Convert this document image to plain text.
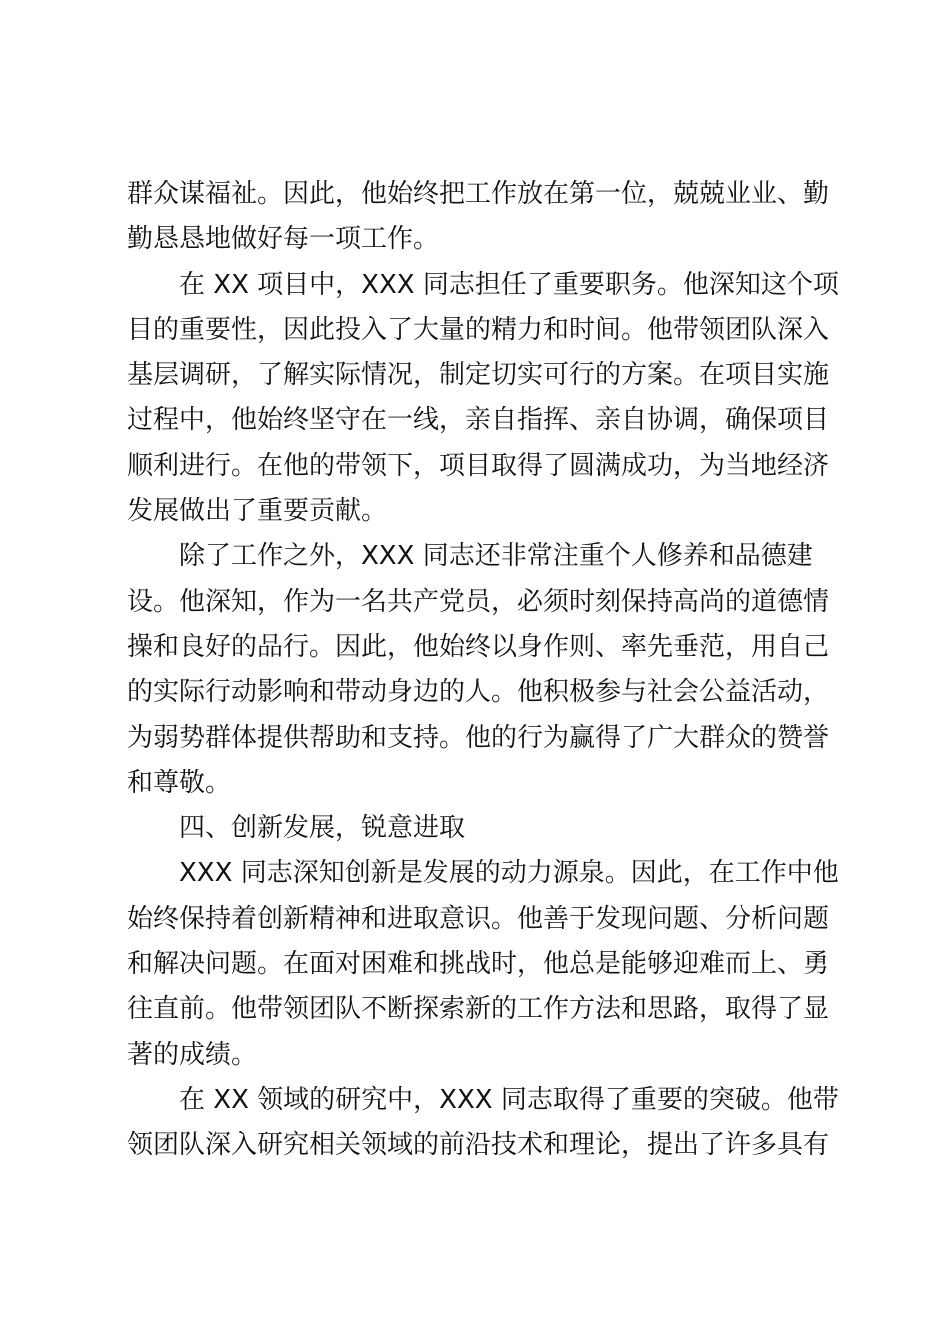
群众谋福祉。因此，他始终把工作放在第一位，兢兢业业、勤
勤恳恳地做好每一项工作。
在 XX 项目中，XXX 同志担任了重要职务。他深知这个项
目的重要性，因此投入了大量的精力和时间。他带领团队深入
基层调研，了解实际情况，制定切实可行的方案。在项目实施
过程中，他始终坚守在一线，亲自指挥、亲自协调，确保项目
顺利进行。在他的带领下，项目取得了圆满成功，为当地经济
发展做出了重要贡献。
除了工作之外，XXX 同志还非常注重个人修养和品德建
设。他深知，作为一名共产党员，必须时刻保持高尚的道德情
操和良好的品行。因此，他始终以身作则、率先垂范，用自己
的实际行动影响和带动身边的人。他积极参与社会公益活动，
为弱势群体提供帮助和支持。他的行为赢得了广大群众的赞誉
和尊敬。
四、创新发展，锐意进取
XXX 同志深知创新是发展的动力源泉。因此，在工作中他
始终保持着创新精神和进取意识。他善于发现问题、分析问题
和解决问题。在面对困难和挑战时，他总是能够迎难而上、勇
往直前。他带领团队不断探索新的工作方法和思路，取得了显
著的成绩。
在 XX 领域的研究中，XXX 同志取得了重要的突破。他带
领团队深入研究相关领域的前沿技术和理论，提出了许多具有
